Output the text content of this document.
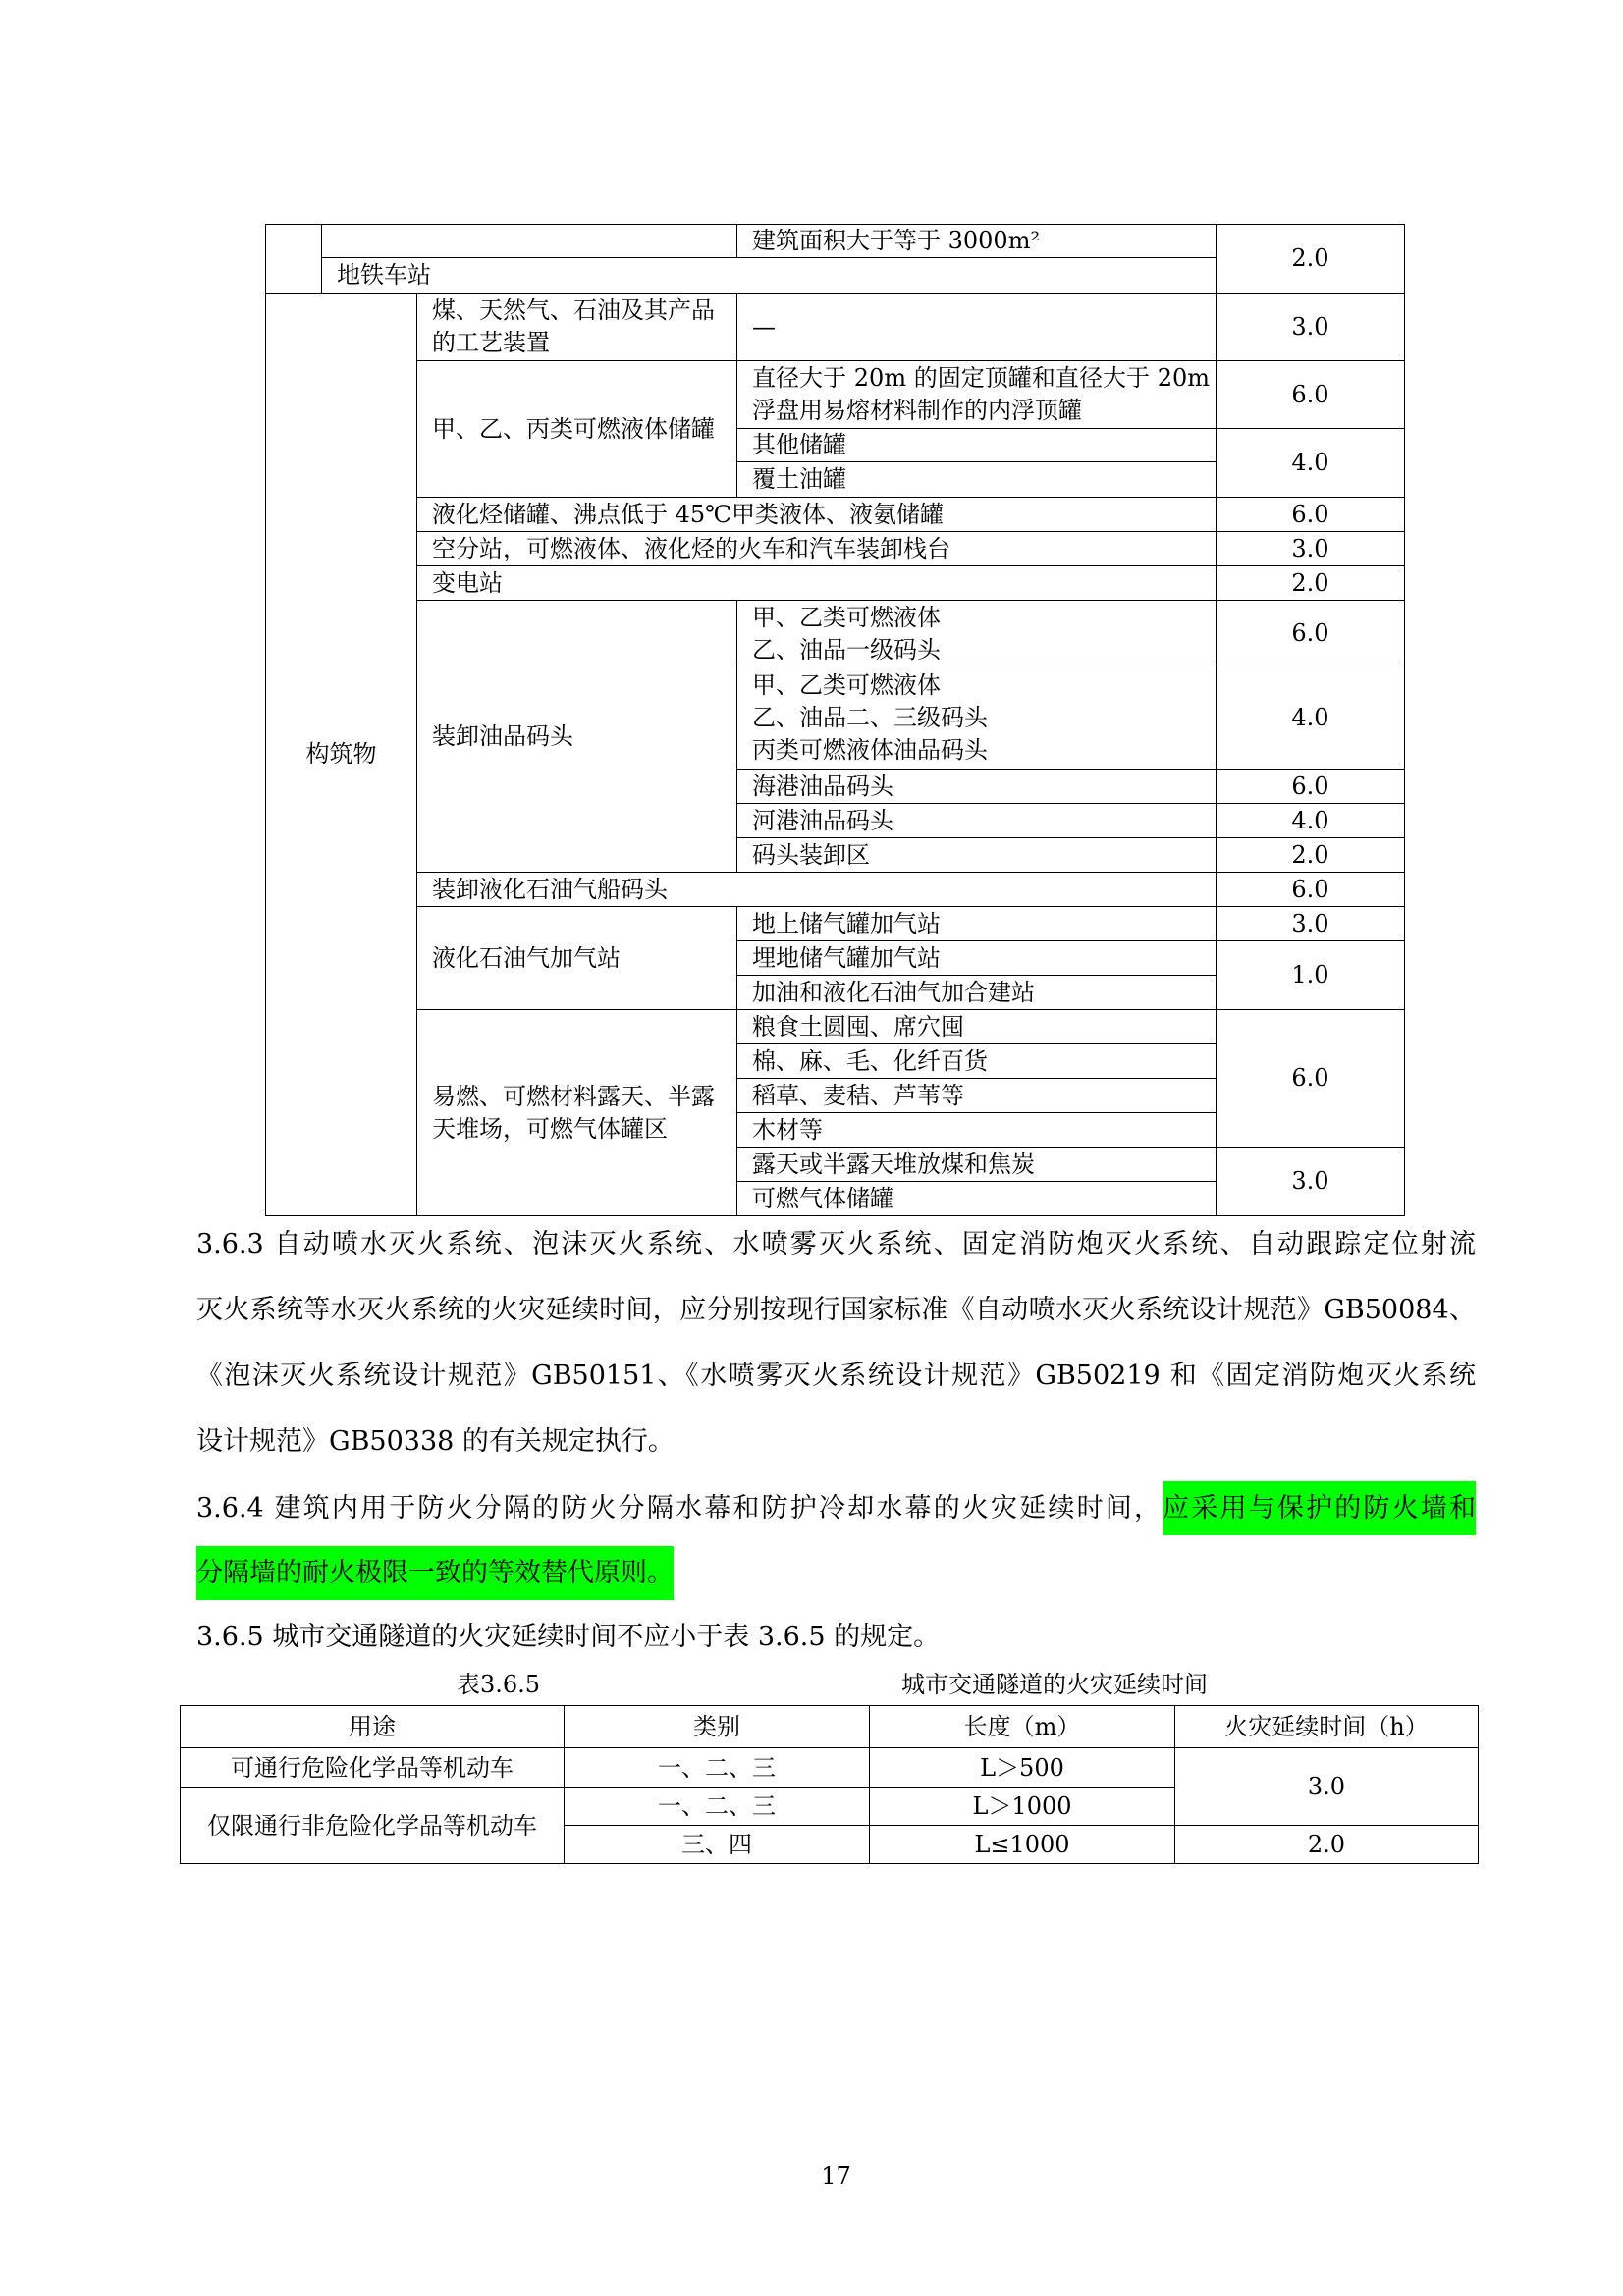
			建筑面积大于等于 3000m²	2.0
	地铁车站			
构筑物		煤、天然气、石油及其产品
的工艺装置	—	3.0
		甲、乙、丙类可燃液体储罐	直径大于 20m 的固定顶罐和直径大于 20m
浮盘用易熔材料制作的内浮顶罐	6.0
			其他储罐	4.0
			覆土油罐	
		液化烃储罐、沸点低于 45℃甲类液体、液氨储罐		6.0
		空分站，可燃液体、液化烃的火车和汽车装卸栈台		3.0
		变电站		2.0
		装卸油品码头	甲、乙类可燃液体
乙、油品一级码头	6.0

			甲、乙类可燃液体
乙、油品二、三级码头
丙类可燃液体油品码头	4.0
			海港油品码头	6.0
			河港油品码头	4.0
			码头装卸区	2.0
		装卸液化石油气船码头		6.0
		液化石油气加气站	地上储气罐加气站	3.0
			埋地储气罐加气站	1.0
			加油和液化石油气加合建站	

		易燃、可燃材料露天、半露
天堆场，可燃气体罐区	粮食土圆囤、席穴囤	6.0
			棉、麻、毛、化纤百货	
			稻草、麦秸、芦苇等	
			木材等	
			露天或半露天堆放煤和焦炭	3.0
			可燃气体储罐	
3.6.3 自动喷水灭火系统、泡沫灭火系统、水喷雾灭火系统、固定消防炮灭火系统、自动跟踪定位射流
灭火系统等水灭火系统的火灾延续时间，应分别按现行国家标准《自动喷水灭火系统设计规范》GB50084、
《泡沫灭火系统设计规范》GB50151、《水喷雾灭火系统设计规范》GB50219 和《固定消防炮灭火系统
设计规范》GB50338 的有关规定执行。
3.6.4 建筑内用于防火分隔的防火分隔水幕和防护冷却水幕的火灾延续时间，应采用与保护的防火墙和
分隔墙的耐火极限一致的等效替代原则。
3.6.5 城市交通隧道的火灾延续时间不应小于表 3.6.5 的规定。
表3.6.5	城市交通隧道的火灾延续时间
用途	类别	长度（m）	火灾延续时间（h）
可通行危险化学品等机动车	一、二、三	L＞500	3.0
仅限通行非危险化学品等机动车	一、二、三	L＞1000	
	三、四	L≤1000	2.0
17
